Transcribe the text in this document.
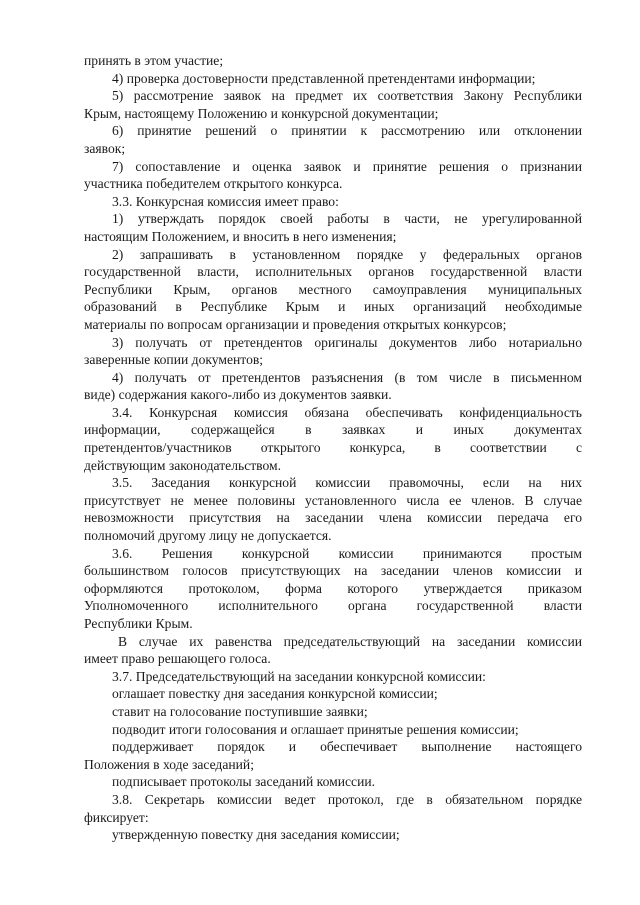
принять в этом участие;
4) проверка достоверности представленной претендентами информации;
5) рассмотрение заявок на предмет их соответствия Закону Республики
Крым, настоящему Положению и конкурсной документации;
6) принятие решений о принятии к рассмотрению или отклонении
заявок;
7) сопоставление и оценка заявок и принятие решения о признании
участника победителем открытого конкурса.
3.3. Конкурсная комиссия имеет право:
1) утверждать порядок своей работы в части, не урегулированной
настоящим Положением, и вносить в него изменения;
2) запрашивать в установленном порядке у федеральных органов
государственной власти, исполнительных органов государственной власти
Республики Крым, органов местного самоуправления муниципальных
образований в Республике Крым и иных организаций необходимые
материалы по вопросам организации и проведения открытых конкурсов;
3) получать от претендентов оригиналы документов либо нотариально
заверенные копии документов;
4) получать от претендентов разъяснения (в том числе в письменном
виде) содержания какого-либо из документов заявки.
3.4. Конкурсная комиссия обязана обеспечивать конфиденциальность
информации, содержащейся в заявках и иных документах
претендентов/участников открытого конкурса, в соответствии с
действующим законодательством.
3.5. Заседания конкурсной комиссии правомочны, если на них
присутствует не менее половины установленного числа ее членов. В случае
невозможности присутствия на заседании члена комиссии передача его
полномочий другому лицу не допускается.
3.6. Решения конкурсной комиссии принимаются простым
большинством голосов присутствующих на заседании членов комиссии и
оформляются протоколом, форма которого утверждается приказом
Уполномоченного исполнительного органа государственной власти
Республики Крым.
В случае их равенства председательствующий на заседании комиссии
имеет право решающего голоса.
3.7. Председательствующий на заседании конкурсной комиссии:
оглашает повестку дня заседания конкурсной комиссии;
ставит на голосование поступившие заявки;
подводит итоги голосования и оглашает принятые решения комиссии;
поддерживает порядок и обеспечивает выполнение настоящего
Положения в ходе заседаний;
подписывает протоколы заседаний комиссии.
3.8. Секретарь комиссии ведет протокол, где в обязательном порядке
фиксирует:
утвержденную повестку дня заседания комиссии;
